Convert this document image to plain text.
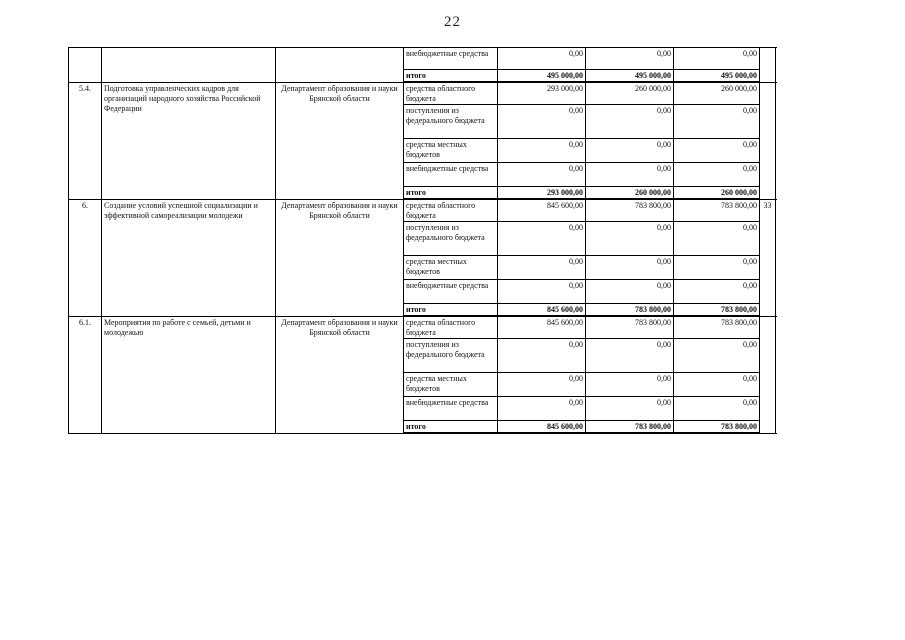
22
			внебюджетные средства	0,00	0,00	0,00	
			итого	495 000,00	495 000,00	495 000,00	
5.4.	Подготовка управленческих кадров для организаций народного хозяйства Российской Федерации	Департамент образования и науки Брянской области	средства областного бюджета	293 000,00	260 000,00	260 000,00	
			поступления из федерального бюджета	0,00	0,00	0,00	
			средства местных бюджетов	0,00	0,00	0,00	
			внебюджетные средства	0,00	0,00	0,00	
			итого	293 000,00	260 000,00	260 000,00	
6.	Создание условий успешной социализации и эффективной самореализации молодежи	Департамент образования и науки Брянской области	средства областного бюджета	845 600,00	783 800,00	783 800,00	33
			поступления из федерального бюджета	0,00	0,00	0,00	
			средства местных бюджетов	0,00	0,00	0,00	
			внебюджетные средства	0,00	0,00	0,00	
			итого	845 600,00	783 800,00	783 800,00	
6.1.	Мероприятия по работе с семьей, детьми и молодежью	Департамент образования и науки Брянской области	средства областного бюджета	845 600,00	783 800,00	783 800,00	
			поступления из федерального бюджета	0,00	0,00	0,00	
			средства местных бюджетов	0,00	0,00	0,00	
			внебюджетные средства	0,00	0,00	0,00	
			итого	845 600,00	783 800,00	783 800,00	
